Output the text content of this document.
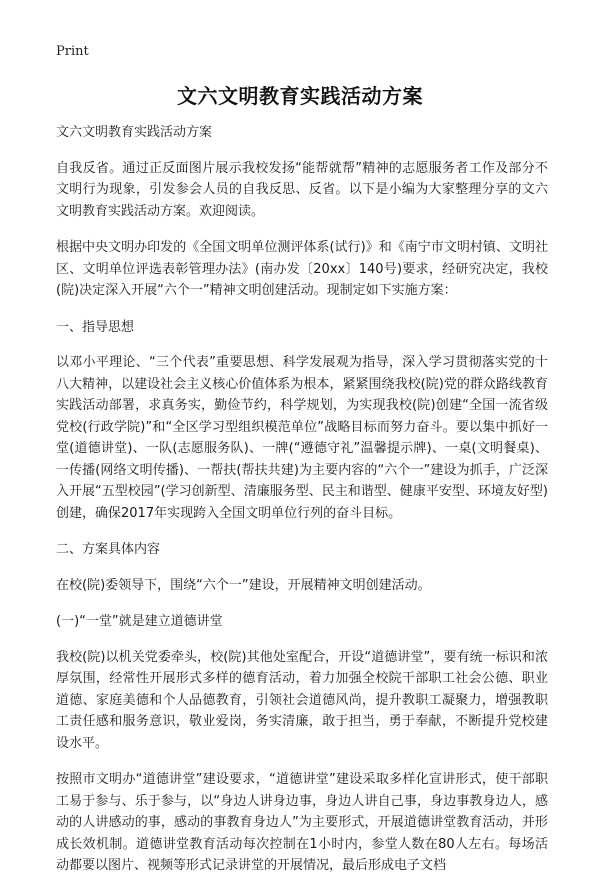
Print
文六文明教育实践活动方案

文六文明教育实践活动方案

自我反省。通过正反面图片展示我校发扬“能帮就帮”精神的志愿服务者工作及部分不文明行为现象，引发参会人员的自我反思、反省。以下是小编为大家整理分享的文六文明教育实践活动方案。欢迎阅读。

根据中央文明办印发的《全国文明单位测评体系(试行)》和《南宁市文明村镇、文明社区、文明单位评选表彰管理办法》(南办发〔20xx〕140号)要求，经研究决定，我校(院)决定深入开展“六个一”精神文明创建活动。现制定如下实施方案：

一、指导思想

以邓小平理论、“三个代表”重要思想、科学发展观为指导，深入学习贯彻落实党的十八大精神，以建设社会主义核心价值体系为根本，紧紧围绕我校(院)党的群众路线教育实践活动部署，求真务实，勤俭节约，科学规划，为实现我校(院)创建“全国一流省级党校(行政学院)”和“全区学习型组织模范单位”战略目标而努力奋斗。要以集中抓好一堂(道德讲堂)、一队(志愿服务队)、一牌(“遵德守礼”温馨提示牌)、一桌(文明餐桌)、一传播(网络文明传播)、一帮扶(帮扶共建)为主要内容的“六个一”建设为抓手，广泛深入开展“五型校园”(学习创新型、清廉服务型、民主和谐型、健康平安型、环境友好型)创建，确保2017年实现跨入全国文明单位行列的奋斗目标。

二、方案具体内容

在校(院)委领导下，围绕“六个一”建设，开展精神文明创建活动。

(一)“一堂”就是建立道德讲堂

我校(院)以机关党委牵头，校(院)其他处室配合，开设“道德讲堂”，要有统一标识和浓厚氛围，经常性开展形式多样的德育活动，着力加强全校院干部职工社会公德、职业道德、家庭美德和个人品德教育，引领社会道德风尚，提升教职工凝聚力，增强教职工责任感和服务意识，敬业爱岗，务实清廉，敢于担当，勇于奉献，不断提升党校建设水平。

按照市文明办“道德讲堂”建设要求，“道德讲堂”建设采取多样化宣讲形式，使干部职工易于参与、乐于参与，以“身边人讲身边事，身边人讲自己事，身边事教身边人，感动的人讲感动的事，感动的事教育身边人”为主要形式，开展道德讲堂教育活动，并形成长效机制。道德讲堂教育活动每次控制在1小时内，参堂人数在80人左右。每场活动都要以图片、视频等形式记录讲堂的开展情况，最后形成电子文档
